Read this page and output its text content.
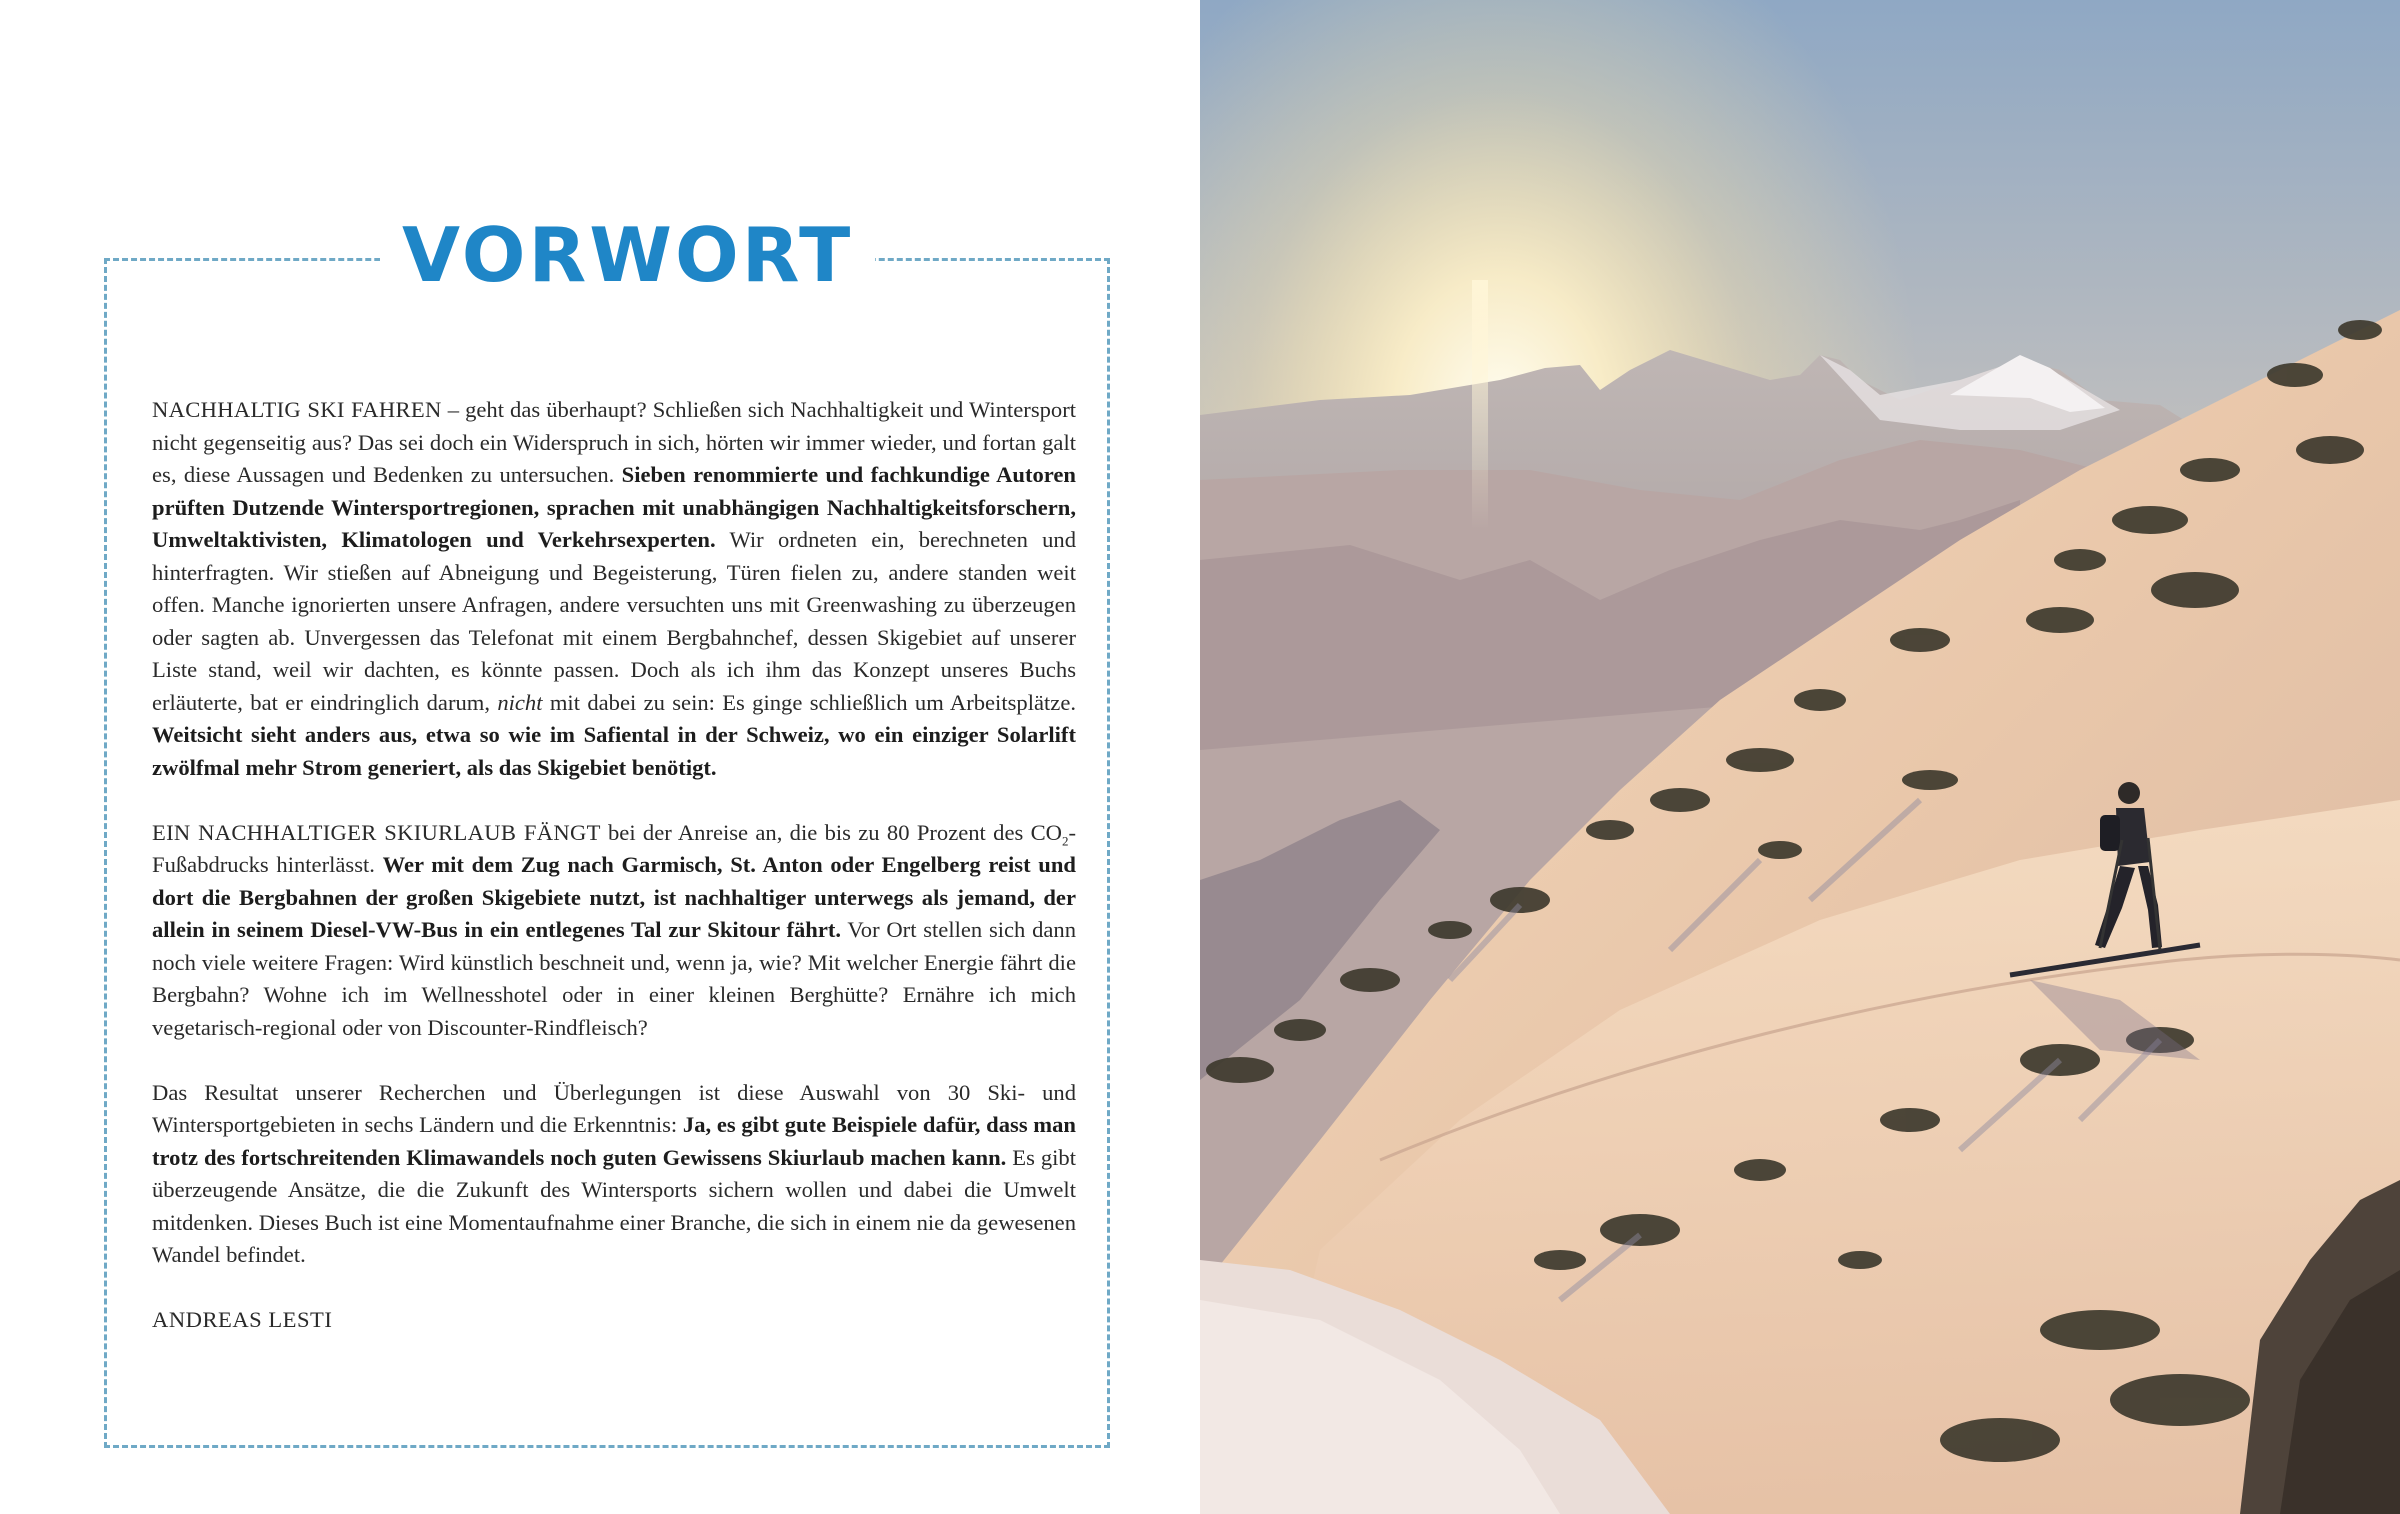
VORWORT

NACHHALTIG SKI FAHREN – geht das überhaupt? Schließen sich Nachhaltigkeit und Wintersport nicht gegenseitig aus? Das sei doch ein Widerspruch in sich, hörten wir immer wieder, und fortan galt es, diese Aussagen und Bedenken zu untersuchen. Sieben renommierte und fachkundige Autoren prüften Dutzende Wintersportregionen, sprachen mit unabhängigen Nachhaltigkeitsforschern, Umweltaktivisten, Klimatologen und Verkehrsexperten. Wir ordneten ein, berechneten und hinterfragten. Wir stießen auf Abneigung und Begeisterung, Türen fielen zu, andere standen weit offen. Manche ignorierten unsere Anfragen, andere versuchten uns mit Greenwashing zu überzeugen oder sagten ab. Unvergessen das Telefonat mit einem Bergbahnchef, dessen Skigebiet auf unserer Liste stand, weil wir dachten, es könnte passen. Doch als ich ihm das Konzept unseres Buchs erläuterte, bat er eindringlich darum, nicht mit dabei zu sein: Es ginge schließlich um Arbeitsplätze. Weitsicht sieht anders aus, etwa so wie im Safiental in der Schweiz, wo ein einziger Solarlift zwölfmal mehr Strom generiert, als das Skigebiet benötigt.

EIN NACHHALTIGER SKIURLAUB FÄNGT bei der Anreise an, die bis zu 80 Prozent des $CO_2$-Fußabdrucks hinterlässt. Wer mit dem Zug nach Garmisch, St. Anton oder Engelberg reist und dort die Bergbahnen der großen Skigebiete nutzt, ist nachhaltiger unterwegs als jemand, der allein in seinem Diesel-VW-Bus in ein entlegenes Tal zur Skitour fährt. Vor Ort stellen sich dann noch viele weitere Fragen: Wird künstlich beschneit und, wenn ja, wie? Mit welcher Energie fährt die Bergbahn? Wohne ich im Wellnesshotel oder in einer kleinen Berghütte? Ernähre ich mich vegetarisch-regional oder von Discounter-Rindfleisch?

Das Resultat unserer Recherchen und Überlegungen ist diese Auswahl von 30 Ski- und Wintersportgebieten in sechs Ländern und die Erkenntnis: Ja, es gibt gute Beispiele dafür, dass man trotz des fortschreitenden Klimawandels noch guten Gewissens Skiurlaub machen kann. Es gibt überzeugende Ansätze, die die Zukunft des Wintersports sichern wollen und dabei die Umwelt mitdenken. Dieses Buch ist eine Momentaufnahme einer Branche, die sich in einem nie da gewesenen Wandel befindet.

ANDREAS LESTI
